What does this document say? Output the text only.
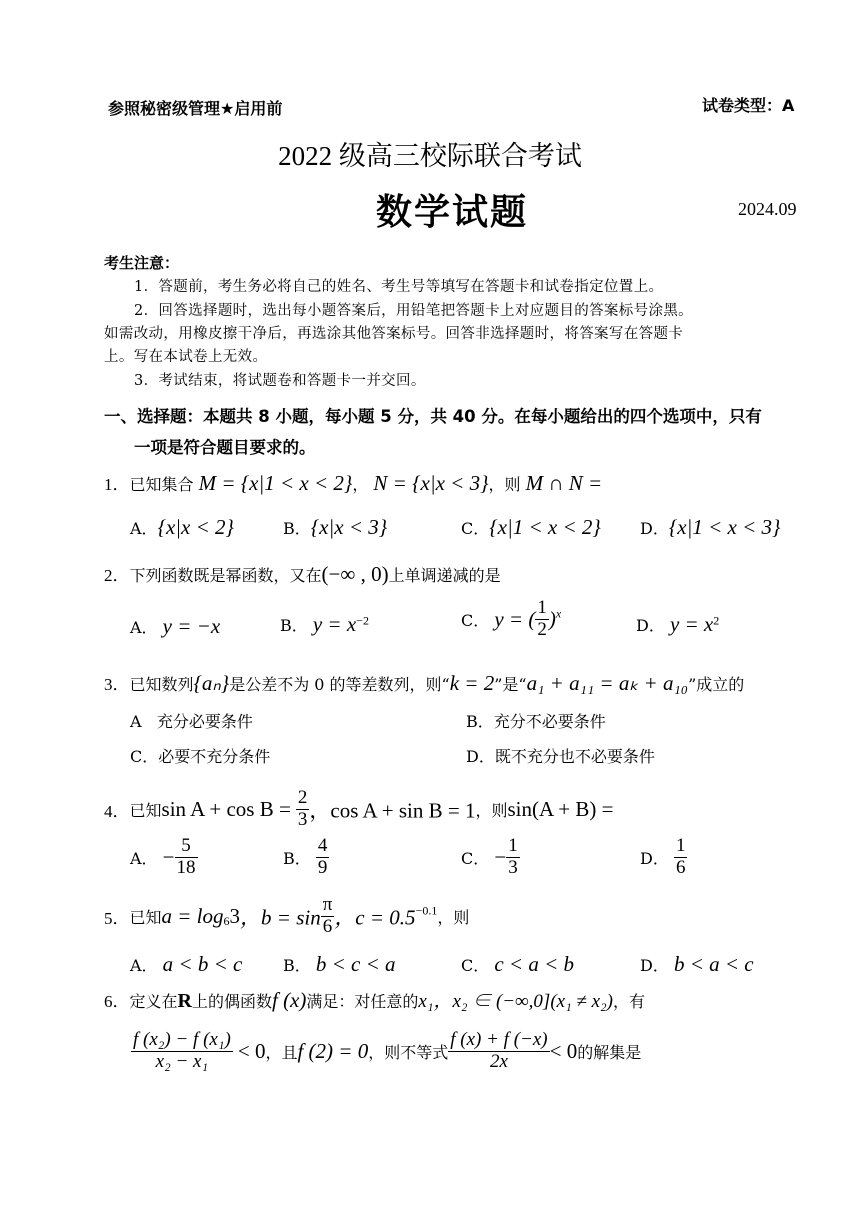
参照秘密级管理★启用前	试卷类型：A
2022 级高三校际联合考试
数学试题	2024.09
考生注意：
1．答题前，考生务必将自己的姓名、考生号等填写在答题卡和试卷指定位置上。
2．回答选择题时，选出每小题答案后，用铅笔把答题卡上对应题目的答案标号涂黑。
如需改动，用橡皮擦干净后，再选涂其他答案标号。回答非选择题时，将答案写在答题卡
上。写在本试卷上无效。
3．考试结束，将试题卷和答题卡一并交回。
一、选择题：本题共 8 小题，每小题 5 分，共 40 分。在每小题给出的四个选项中，只有
一项是符合题目要求的。
1．已知集合 M = {x|1 < x < 2}， N = {x|x < 3}，则 M ∩ N =
A．{x|x < 2}	B．{x|x < 3}	C．{x|1 < x < 2} D．{x|1 < x < 3}
2．下列函数既是幂函数，又在(−∞ , 0)上单调递减的是
A． y = −x	B． $y = x^{-2}$	C． y = ( $\frac{1}{2} )^x$
D． $y = x^2$
3．已知数列{aₙ}是公差不为 0 的等差数列，则“k = 2”是“a₁ + a₁₁ = aₖ + a₁₀”成立的
A 充分必要条件	B．充分不必要条件
C．必要不充分条件	D．既不充分也不必要条件
4．已知$\sin A + \cos B = \frac{2}{3}$ ，cos A + sin B = 1，则sin(A + B) =
A． − $\frac{5}{18}$	B． $\frac{4}{9}$	C． − $\frac{1}{3}$	D． $\frac{1}{6}$
5．已知$a = \log_63$，$b = \sin \frac{\pi}{6}$ ，$c = 0.5^{-0.1}$，则
A． a < b < c	B． b < c < a	C． c < a < b	D． b < a < c
6．定义在R上的偶函数f (x)满足：对任意的x₁，x₂ ∈ (−∞,0](x₁ ≠ x₂)，有
$\frac{\text{f (x₂) − f (x₁)}}{\text{x₂ − x₁}} < 0$，且f (2) = 0，则不等式 $\frac{f (x) + f (-x)}{2x} < 0$的解集是
